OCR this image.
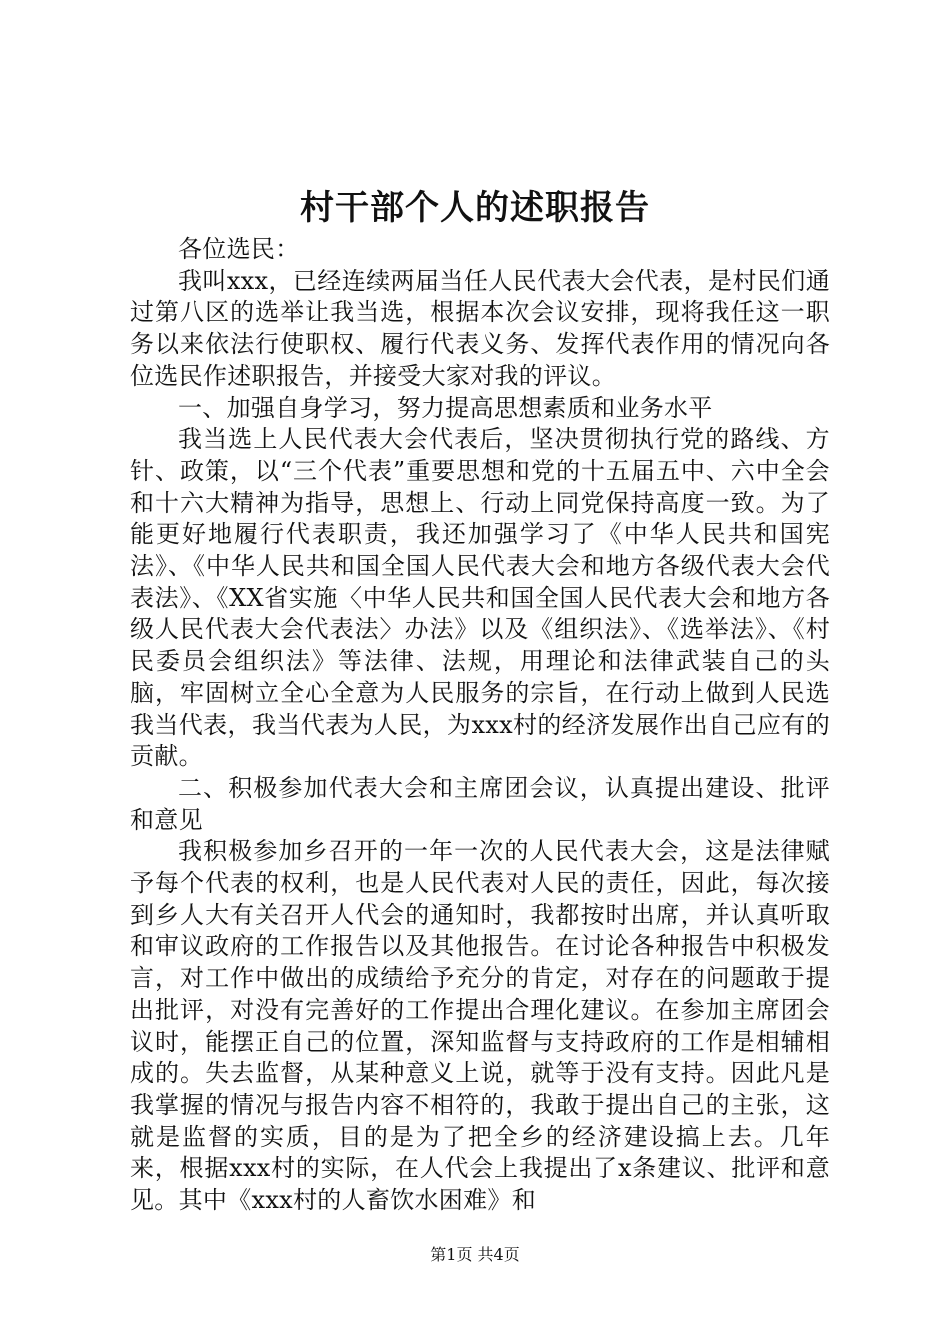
村干部个人的述职报告

各位选民：

我叫xxx，已经连续两届当任人民代表大会代表，是村民们通过第八区的选举让我当选，根据本次会议安排，现将我任这一职务以来依法行使职权、履行代表义务、发挥代表作用的情况向各位选民作述职报告，并接受大家对我的评议。

一、加强自身学习，努力提高思想素质和业务水平

我当选上人民代表大会代表后，坚决贯彻执行党的路线、方针、政策，以“三个代表”重要思想和党的十五届五中、六中全会和十六大精神为指导，思想上、行动上同党保持高度一致。为了能更好地履行代表职责，我还加强学习了《中华人民共和国宪法》、《中华人民共和国全国人民代表大会和地方各级代表大会代表法》、《XX省实施〈中华人民共和国全国人民代表大会和地方各级人民代表大会代表法〉办法》以及《组织法》、《选举法》、《村民委员会组织法》等法律、法规，用理论和法律武装自己的头脑，牢固树立全心全意为人民服务的宗旨，在行动上做到人民选我当代表，我当代表为人民，为xxx村的经济发展作出自己应有的贡献。

二、积极参加代表大会和主席团会议，认真提出建设、批评和意见

我积极参加乡召开的一年一次的人民代表大会，这是法律赋予每个代表的权利，也是人民代表对人民的责任，因此，每次接到乡人大有关召开人代会的通知时，我都按时出席，并认真听取和审议政府的工作报告以及其他报告。在讨论各种报告中积极发言，对工作中做出的成绩给予充分的肯定，对存在的问题敢于提出批评，对没有完善好的工作提出合理化建议。在参加主席团会议时，能摆正自己的位置，深知监督与支持政府的工作是相辅相成的。失去监督，从某种意义上说，就等于没有支持。因此凡是我掌握的情况与报告内容不相符的，我敢于提出自己的主张，这就是监督的实质，目的是为了把全乡的经济建设搞上去。几年来，根据xxx村的实际，在人代会上我提出了x条建议、批评和意见。其中《xxx村的人畜饮水困难》和

第1页 共4页
